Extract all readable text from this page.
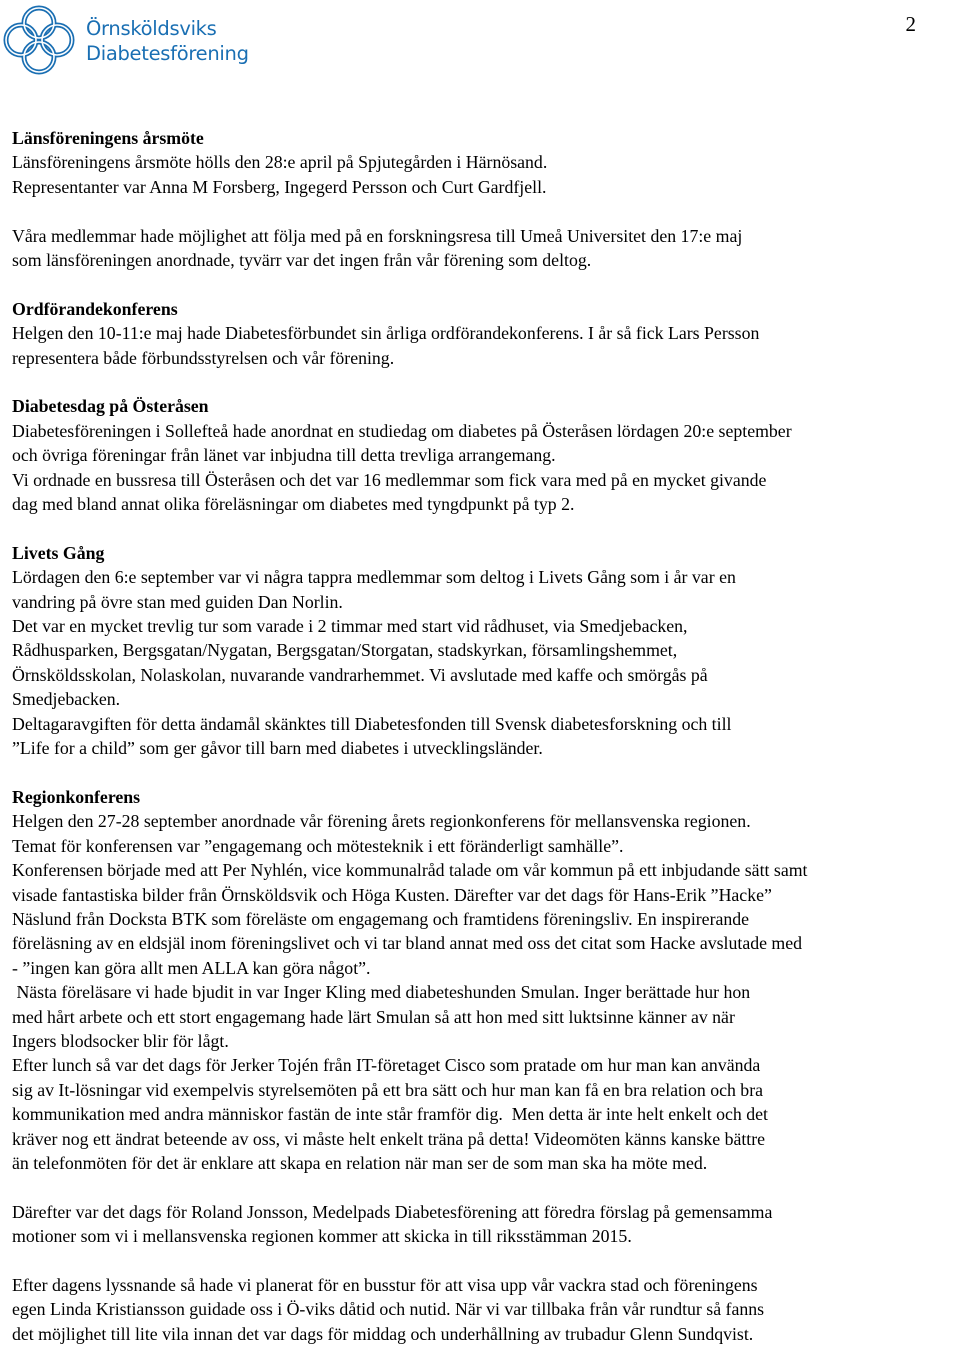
Örnsköldsviks
Diabetesförening
2

Länsföreningens årsmöte

Länsföreningens årsmöte hölls den 28:e april på Spjutegården i Härnösand.

Representanter var Anna M Forsberg, Ingegerd Persson och Curt Gardfjell.

Våra medlemmar hade möjlighet att följa med på en forskningsresa till Umeå Universitet den 17:e maj

som länsföreningen anordnade, tyvärr var det ingen från vår förening som deltog.

Ordförandekonferens

Helgen den 10-11:e maj hade Diabetesförbundet sin årliga ordförandekonferens. I år så fick Lars Persson

representera både förbundsstyrelsen och vår förening.

Diabetesdag på Österåsen

Diabetesföreningen i Sollefteå hade anordnat en studiedag om diabetes på Österåsen lördagen 20:e september

och övriga föreningar från länet var inbjudna till detta trevliga arrangemang.

Vi ordnade en bussresa till Österåsen och det var 16 medlemmar som fick vara med på en mycket givande

dag med bland annat olika föreläsningar om diabetes med tyngdpunkt på typ 2.

Livets Gång

Lördagen den 6:e september var vi några tappra medlemmar som deltog i Livets Gång som i år var en

vandring på övre stan med guiden Dan Norlin.

Det var en mycket trevlig tur som varade i 2 timmar med start vid rådhuset, via Smedjebacken,

Rådhusparken, Bergsgatan/Nygatan, Bergsgatan/Storgatan, stadskyrkan, församlingshemmet,

Örnsköldsskolan, Nolaskolan, nuvarande vandrarhemmet. Vi avslutade med kaffe och smörgås på

Smedjebacken.

Deltagaravgiften för detta ändamål skänktes till Diabetesfonden till Svensk diabetesforskning och till

”Life for a child” som ger gåvor till barn med diabetes i utvecklingsländer.

Regionkonferens

Helgen den 27-28 september anordnade vår förening årets regionkonferens för mellansvenska regionen.

Temat för konferensen var ”engagemang och mötesteknik i ett föränderligt samhälle”.

Konferensen började med att Per Nyhlén, vice kommunalråd talade om vår kommun på ett inbjudande sätt samt

visade fantastiska bilder från Örnsköldsvik och Höga Kusten. Därefter var det dags för Hans-Erik ”Hacke”

Näslund från Docksta BTK som föreläste om engagemang och framtidens föreningsliv. En inspirerande

föreläsning av en eldsjäl inom föreningslivet och vi tar bland annat med oss det citat som Hacke avslutade med

- ”ingen kan göra allt men ALLA kan göra något”.

Nästa föreläsare vi hade bjudit in var Inger Kling med diabeteshunden Smulan. Inger berättade hur hon

med hårt arbete och ett stort engagemang hade lärt Smulan så att hon med sitt luktsinne känner av när

Ingers blodsocker blir för lågt.

Efter lunch så var det dags för Jerker Tojén från IT-företaget Cisco som pratade om hur man kan använda

sig av It-lösningar vid exempelvis styrelsemöten på ett bra sätt och hur man kan få en bra relation och bra

kommunikation med andra människor fastän de inte står framför dig.  Men detta är inte helt enkelt och det

kräver nog ett ändrat beteende av oss, vi måste helt enkelt träna på detta! Videomöten känns kanske bättre

än telefonmöten för det är enklare att skapa en relation när man ser de som man ska ha möte med.

Därefter var det dags för Roland Jonsson, Medelpads Diabetesförening att föredra förslag på gemensamma

motioner som vi i mellansvenska regionen kommer att skicka in till riksstämman 2015.

Efter dagens lyssnande så hade vi planerat för en busstur för att visa upp vår vackra stad och föreningens

egen Linda Kristiansson guidade oss i Ö-viks dåtid och nutid. När vi var tillbaka från vår rundtur så fanns

det möjlighet till lite vila innan det var dags för middag och underhållning av trubadur Glenn Sundqvist.
